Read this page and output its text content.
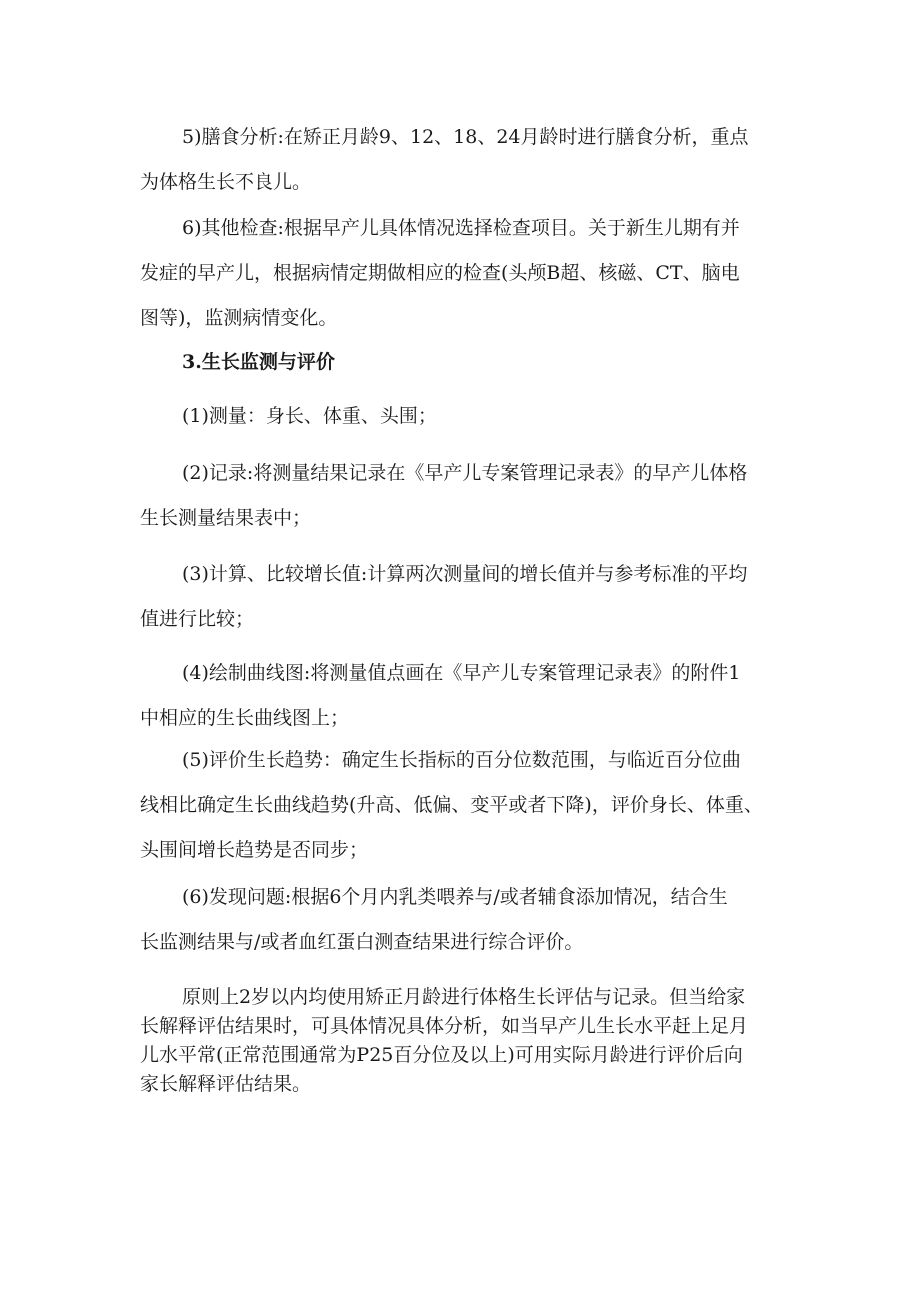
5)膳食分析:在矫正月龄9、12、18、24月龄时进行膳食分析，重点
为体格生长不良儿。
6)其他检查:根据早产儿具体情况选择检查项目。关于新生儿期有并
发症的早产儿，根据病情定期做相应的检查(头颅B超、核磁、CT、脑电
图等)，监测病情变化。
3.生长监测与评价
(1)测量：身长、体重、头围；
(2)记录:将测量结果记录在《早产儿专案管理记录表》的早产儿体格
生长测量结果表中；
(3)计算、比较增长值:计算两次测量间的增长值并与参考标准的平均
值进行比较；
(4)绘制曲线图:将测量值点画在《早产儿专案管理记录表》的附件1
中相应的生长曲线图上；
(5)评价生长趋势：确定生长指标的百分位数范围，与临近百分位曲
线相比确定生长曲线趋势(升高、低偏、变平或者下降)，评价身长、体重、
头围间增长趋势是否同步；
(6)发现问题:根据6个月内乳类喂养与/或者辅食添加情况，结合生
长监测结果与/或者血红蛋白测查结果进行综合评价。
原则上2岁以内均使用矫正月龄进行体格生长评估与记录。但当给家
长解释评估结果时，可具体情况具体分析，如当早产儿生长水平赶上足月
儿水平常(正常范围通常为P25百分位及以上)可用实际月龄进行评价后向
家长解释评估结果。
